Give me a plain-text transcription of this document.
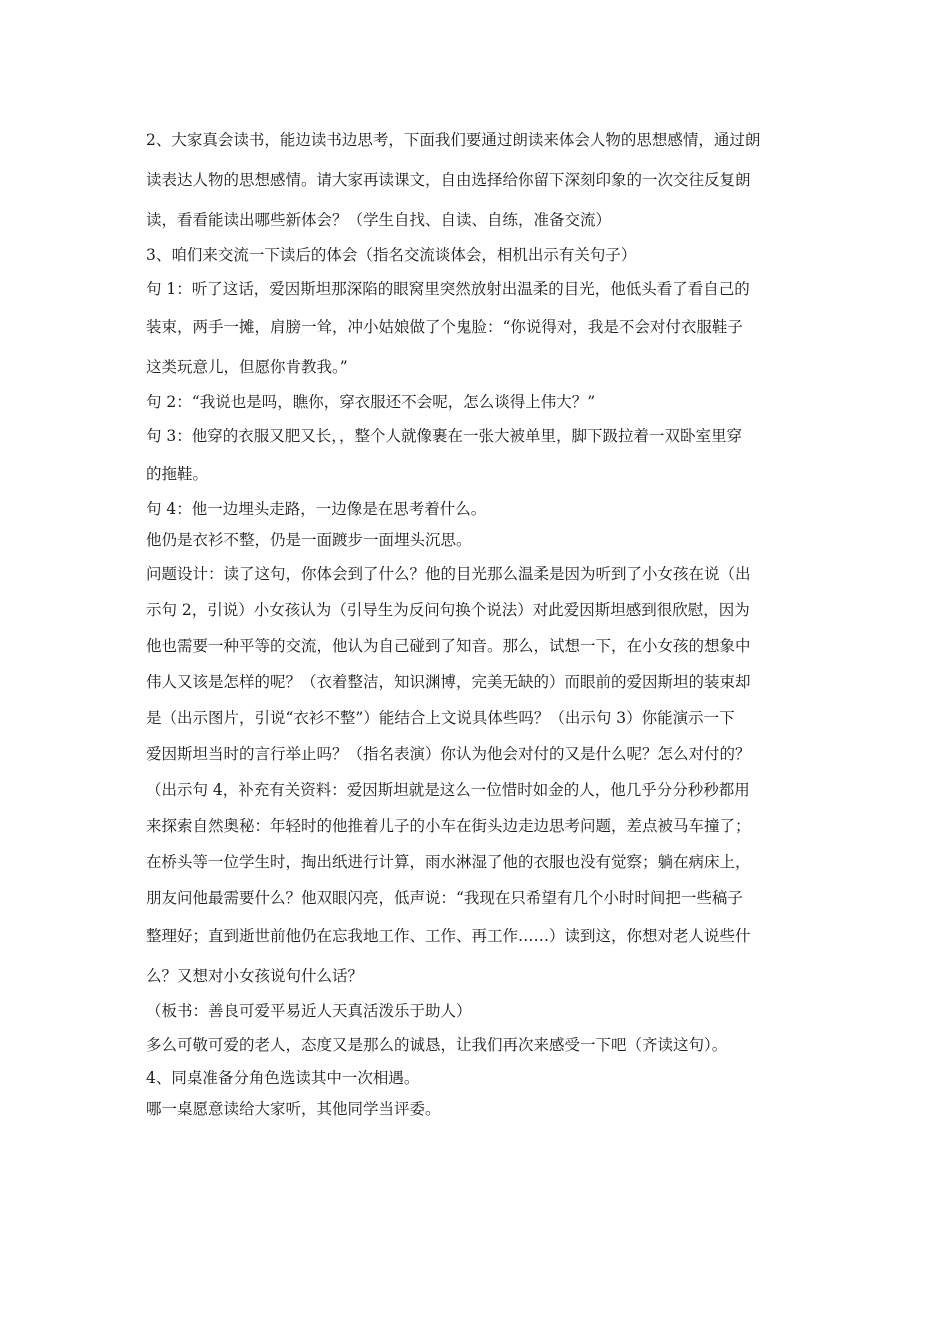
2、大家真会读书，能边读书边思考，下面我们要通过朗读来体会人物的思想感情，通过朗
读表达人物的思想感情。请大家再读课文，自由选择给你留下深刻印象的一次交往反复朗
读，看看能读出哪些新体会？（学生自找、自读、自练，准备交流）
3、咱们来交流一下读后的体会（指名交流谈体会，相机出示有关句子）
句 1：听了这话，爱因斯坦那深陷的眼窝里突然放射出温柔的目光，他低头看了看自己的
装束，两手一摊，肩膀一耸，冲小姑娘做了个鬼脸：“你说得对，我是不会对付衣服鞋子
这类玩意儿，但愿你肯教我。”
句 2：“我说也是吗，瞧你，穿衣服还不会呢，怎么谈得上伟大？”
句 3：他穿的衣服又肥又长，，整个人就像裹在一张大被单里，脚下趿拉着一双卧室里穿
的拖鞋。
句 4：他一边埋头走路，一边像是在思考着什么。
他仍是衣衫不整，仍是一面踱步一面埋头沉思。
问题设计：读了这句，你体会到了什么？他的目光那么温柔是因为听到了小女孩在说（出
示句 2，引说）小女孩认为（引导生为反问句换个说法）对此爱因斯坦感到很欣慰，因为
他也需要一种平等的交流，他认为自己碰到了知音。那么，试想一下，在小女孩的想象中
伟人又该是怎样的呢？（衣着整洁，知识渊博，完美无缺的）而眼前的爱因斯坦的装束却
是（出示图片，引说“衣衫不整”）能结合上文说具体些吗？（出示句 3）你能演示一下
爱因斯坦当时的言行举止吗？（指名表演）你认为他会对付的又是什么呢？怎么对付的？
（出示句 4，补充有关资料：爱因斯坦就是这么一位惜时如金的人，他几乎分分秒秒都用
来探索自然奥秘：年轻时的他推着儿子的小车在街头边走边思考问题，差点被马车撞了；
在桥头等一位学生时，掏出纸进行计算，雨水淋湿了他的衣服也没有觉察；躺在病床上，
朋友问他最需要什么？他双眼闪亮，低声说：“我现在只希望有几个小时时间把一些稿子
整理好；直到逝世前他仍在忘我地工作、工作、再工作……）读到这，你想对老人说些什
么？又想对小女孩说句什么话？
（板书：善良可爱平易近人天真活泼乐于助人）
多么可敬可爱的老人，态度又是那么的诚恳，让我们再次来感受一下吧（齐读这句）。
4、同桌准备分角色选读其中一次相遇。
哪一桌愿意读给大家听，其他同学当评委。
